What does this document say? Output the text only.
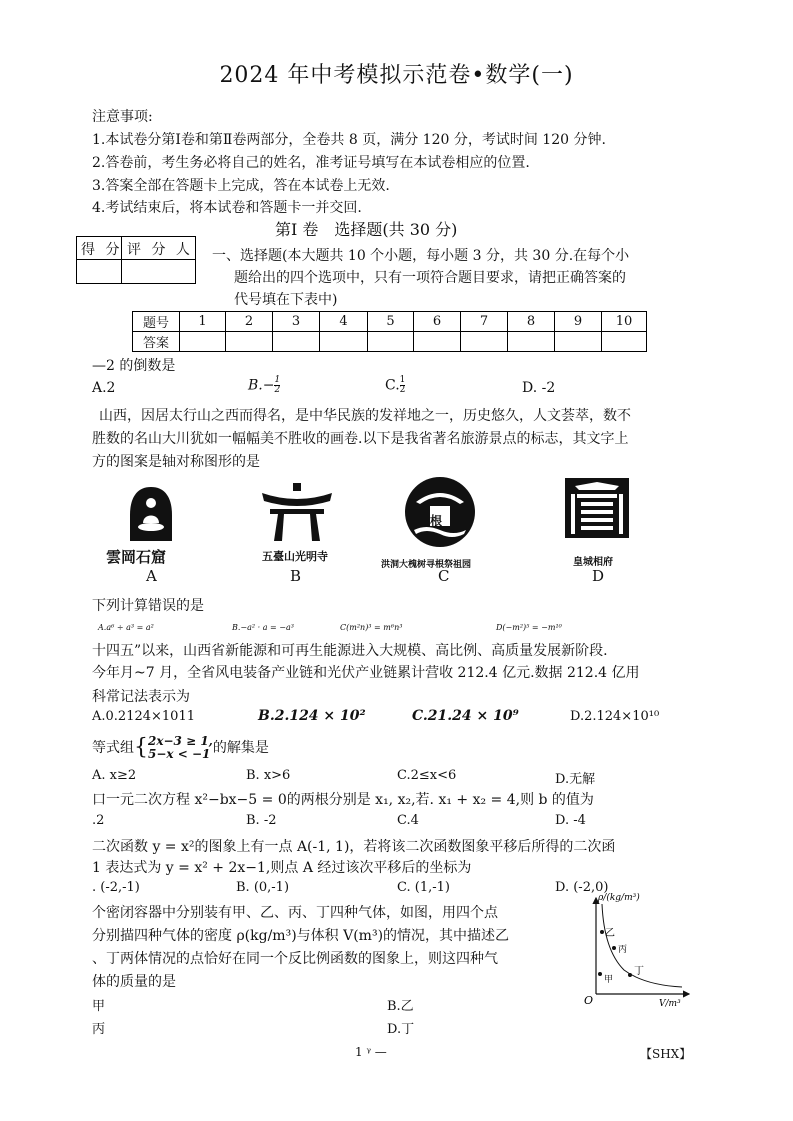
2024 年中考模拟示范卷•数学(一)
注意事项:
1.本试卷分第Ⅰ卷和第Ⅱ卷两部分，全卷共 8 页，满分 120 分，考试时间 120 分钟.
2.答卷前，考生务必将自己的姓名，准考证号填写在本试卷相应的位置.
3.答案全部在答题卡上完成，答在本试卷上无效.
4.考试结束后，将本试卷和答题卡一并交回.
第Ⅰ 卷　选择题(共 30 分)
得 分 评 分 人 一、选择题(本大题共 10 个小题，每小题 3 分，共 30 分.在每个小
题给出的四个选项中，只有一项符合题目要求，请把正确答案的
代号填在下表中)
题号	1	2	3	4	5	6	7	8	9	10
答案										
—2 的倒数是
A.2	$B.- \frac{1}{2}$	C. $\frac{1}{2}$	D. -2
山西，因居太行山之西而得名，是中华民族的发祥地之一，历史悠久，人文荟萃，数不
胜数的名山大川犹如一幅幅美不胜收的画卷.以下是我省著名旅游景点的标志，其文字上
方的图案是轴对称图形的是
雲岡石窟
A
五臺山光明寺
B
根
洪洞大槐树寻根祭祖园
C
皇城相府
D
下列计算错误的是
A.a⁶ ÷ a³ = a²	B.−a² · a = −a³	C(m²n)³ = m⁶n³	D(−m²)⁵ = −m¹⁰
十四五”以来，山西省新能源和可再生能源进入大规模、高比例、高质量发展新阶段.
今年月~7 月，全省风电装备产业链和光伏产业链累计营收 212.4 亿元.数据 212.4 亿用
科常记法表示为
A.0.2124×1011	B.2.124 × 10²	C.21.24 × 10⁹	D.2.124×10¹⁰
等式组{ 2x−3 ≥ 1,
5−x < −1 的解集是
A. x≥2	B. x>6	C.2≤x<6	D.无解
口一元二次方程 x²−bx−5 = 0的两根分别是 x₁, x₂,若. x₁ + x₂ = 4,则 b 的值为
.2	B. -2	C.4	D. -4
二次函数 y = x²的图象上有一点 A(-1, 1)，若将该二次函数图象平移后所得的二次函
1 表达式为 y = x² + 2x−1,则点 A 经过该次平移后的坐标为
. (-2,-1)	B. (0,-1)	C. (1,-1)	D. (-2,0)
个密闭容器中分别装有甲、乙、丙、丁四种气体，如图，用四个点
分别描四种气体的密度 ρ(kg/m³)与体积 V(m³)的情况，其中描述乙
、丁两体情况的点恰好在同一个反比例函数的图象上，则这四种气
体的质量的是
甲	B.乙
丙	D.丁
ρ/(kg/m³)
V/m³
O
乙
丙
丁
甲
1 ᵞ —	【SHX】
